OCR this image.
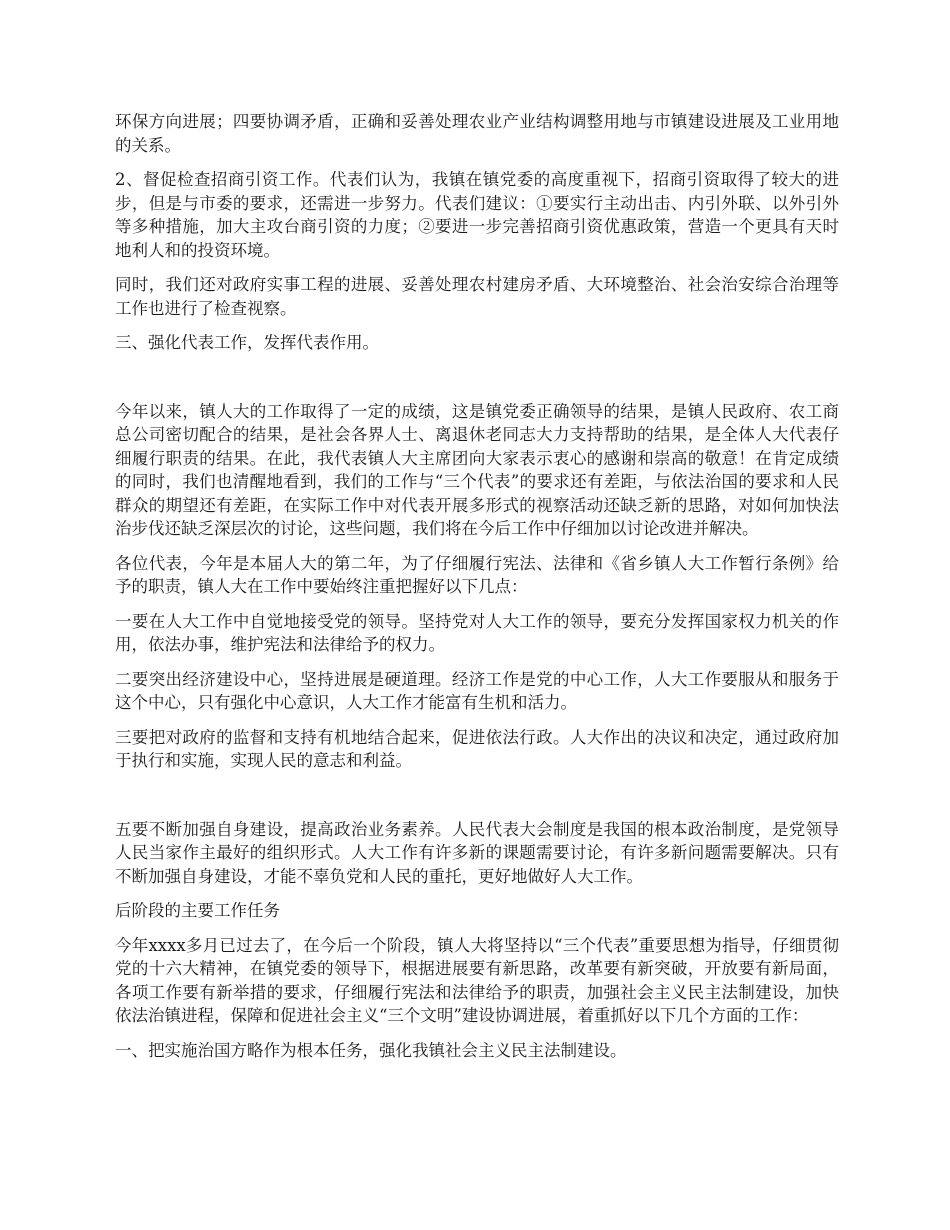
环保方向进展；四要协调矛盾，正确和妥善处理农业产业结构调整用地与市镇建设进展及工业用地的关系。

2、督促检查招商引资工作。代表们认为，我镇在镇党委的高度重视下，招商引资取得了较大的进步，但是与市委的要求，还需进一步努力。代表们建议：①要实行主动出击、内引外联、以外引外等多种措施，加大主攻台商引资的力度；②要进一步完善招商引资优惠政策，营造一个更具有天时地利人和的投资环境。

同时，我们还对政府实事工程的进展、妥善处理农村建房矛盾、大环境整治、社会治安综合治理等工作也进行了检查视察。

三、强化代表工作，发挥代表作用。

今年以来，镇人大的工作取得了一定的成绩，这是镇党委正确领导的结果，是镇人民政府、农工商总公司密切配合的结果，是社会各界人士、离退休老同志大力支持帮助的结果，是全体人大代表仔细履行职责的结果。在此，我代表镇人大主席团向大家表示衷心的感谢和崇高的敬意！在肯定成绩的同时，我们也清醒地看到，我们的工作与“三个代表”的要求还有差距，与依法治国的要求和人民群众的期望还有差距，在实际工作中对代表开展多形式的视察活动还缺乏新的思路，对如何加快法治步伐还缺乏深层次的讨论，这些问题，我们将在今后工作中仔细加以讨论改进并解决。

各位代表，今年是本届人大的第二年，为了仔细履行宪法、法律和《省乡镇人大工作暂行条例》给予的职责，镇人大在工作中要始终注重把握好以下几点：

一要在人大工作中自觉地接受党的领导。坚持党对人大工作的领导，要充分发挥国家权力机关的作用，依法办事，维护宪法和法律给予的权力。

二要突出经济建设中心，坚持进展是硬道理。经济工作是党的中心工作，人大工作要服从和服务于这个中心，只有强化中心意识，人大工作才能富有生机和活力。

三要把对政府的监督和支持有机地结合起来，促进依法行政。人大作出的决议和决定，通过政府加于执行和实施，实现人民的意志和利益。

五要不断加强自身建设，提高政治业务素养。人民代表大会制度是我国的根本政治制度，是党领导人民当家作主最好的组织形式。人大工作有许多新的课题需要讨论，有许多新问题需要解决。只有不断加强自身建设，才能不辜负党和人民的重托，更好地做好人大工作。

后阶段的主要工作任务

今年xxxx多月已过去了，在今后一个阶段，镇人大将坚持以“三个代表”重要思想为指导，仔细贯彻党的十六大精神，在镇党委的领导下，根据进展要有新思路，改革要有新突破，开放要有新局面，各项工作要有新举措的要求，仔细履行宪法和法律给予的职责，加强社会主义民主法制建设，加快依法治镇进程，保障和促进社会主义“三个文明”建设协调进展，着重抓好以下几个方面的工作：

一、把实施治国方略作为根本任务，强化我镇社会主义民主法制建设。
